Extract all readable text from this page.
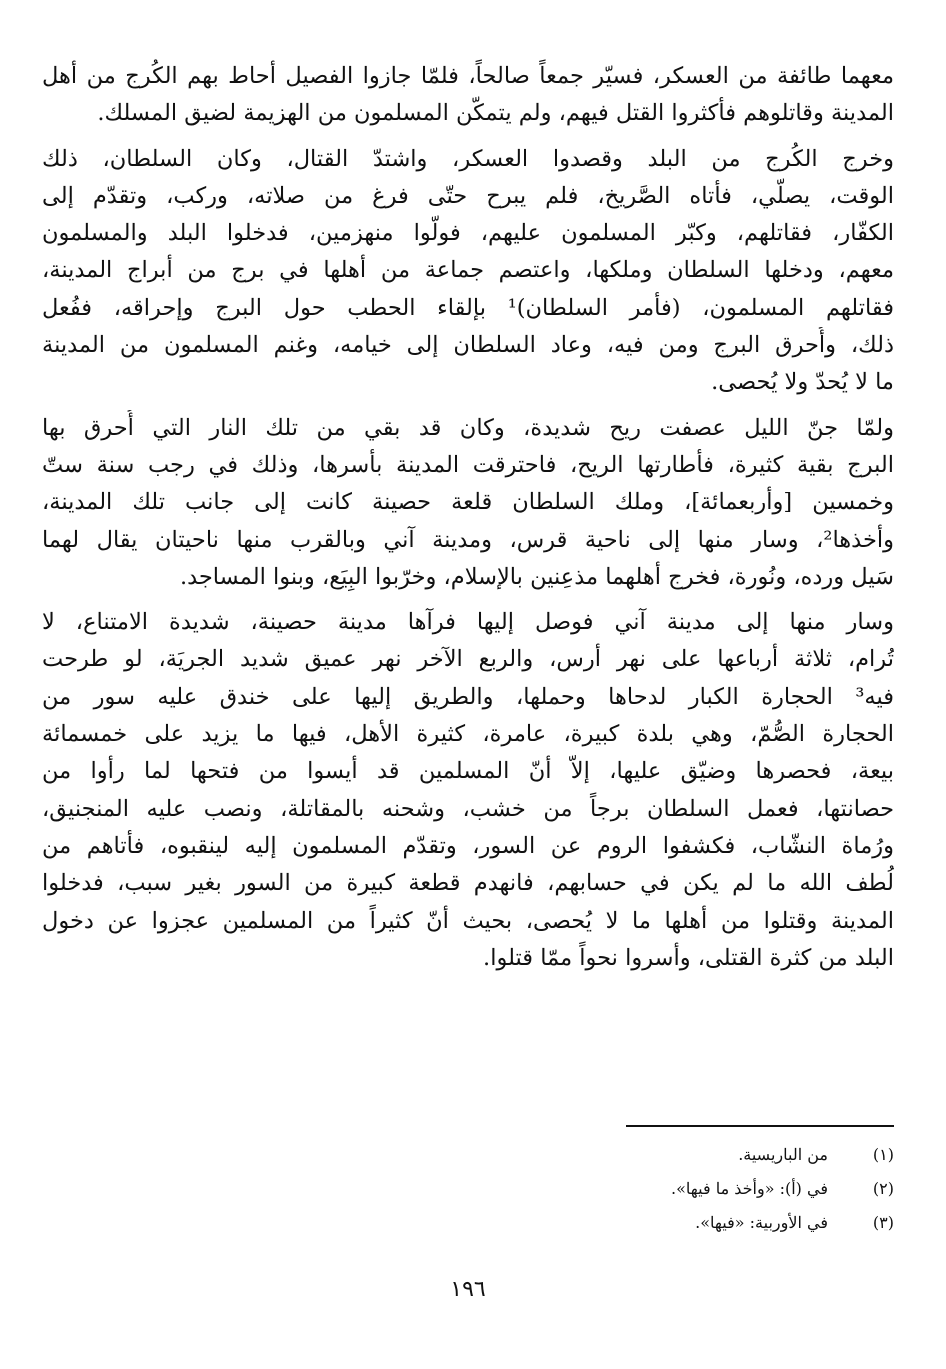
معهما طائفة من العسكر، فسيّر جمعاً صالحاً، فلمّا جازوا الفصيل أحاط بهم الكُرج من أهل
المدينة وقاتلوهم فأكثروا القتل فيهم، ولم يتمكّن المسلمون من الهزيمة لضيق المسلك.

وخرج الكُرج من البلد وقصدوا العسكر، واشتدّ القتال، وكان السلطان، ذلك
الوقت، يصلّي، فأتاه الصَّريخ، فلم يبرح حتّى فرغ من صلاته، وركب، وتقدّم إلى
الكفّار، فقاتلهم، وكبّر المسلمون عليهم، فولّوا منهزمين، فدخلوا البلد والمسلمون
معهم، ودخلها السلطان وملكها، واعتصم جماعة من أهلها في برج من أبراج المدينة،
فقاتلهم المسلمون، (فأمر السلطان)¹ بإلقاء الحطب حول البرج وإحراقه، ففُعل
ذلك، وأُحرق البرج ومن فيه، وعاد السلطان إلى خيامه، وغنم المسلمون من المدينة
ما لا يُحدّ ولا يُحصى.

ولمّا جنّ الليل عصفت ريح شديدة، وكان قد بقي من تلك النار التي أُحرق بها
البرج بقية كثيرة، فأطارتها الريح، فاحترقت المدينة بأسرها، وذلك في رجب سنة ستّ
وخمسين [وأربعمائة]، وملك السلطان قلعة حصينة كانت إلى جانب تلك المدينة،
وأخذها²، وسار منها إلى ناحية قرس، ومدينة آني وبالقرب منها ناحيتان يقال لهما
سَيل ورده، ونُورة، فخرج أهلهما مذعِنين بالإسلام، وخرّبوا البِيَع، وبنوا المساجد.

وسار منها إلى مدينة آني فوصل إليها فرآها مدينة حصينة، شديدة الامتناع، لا
تُرام، ثلاثة أرباعها على نهر أرس، والربع الآخر نهر عميق شديد الجريَة، لو طرحت
فيه³ الحجارة الكبار لدحاها وحملها، والطريق إليها على خندق عليه سور من
الحجارة الصُّمّ، وهي بلدة كبيرة، عامرة، كثيرة الأهل، فيها ما يزيد على خمسمائة
بيعة، فحصرها وضيّق عليها، إلاّ أنّ المسلمين قد أيسوا من فتحها لما رأوا من
حصانتها، فعمل السلطان برجاً من خشب، وشحنه بالمقاتلة، ونصب عليه المنجنيق،
ورُماة النشّاب، فكشفوا الروم عن السور، وتقدّم المسلمون إليه لينقبوه، فأتاهم من
لُطف الله ما لم يكن في حسابهم، فانهدم قطعة كبيرة من السور بغير سبب، فدخلوا
المدينة وقتلوا من أهلها ما لا يُحصى، بحيث أنّ كثيراً من المسلمين عجزوا عن دخول
البلد من كثرة القتلى، وأسروا نحواً ممّا قتلوا.

(١)من الباريسية.
(٢)في (أ): «وأخذ ما فيها».
(٣)في الأوربية: «فيها».
١٩٦
